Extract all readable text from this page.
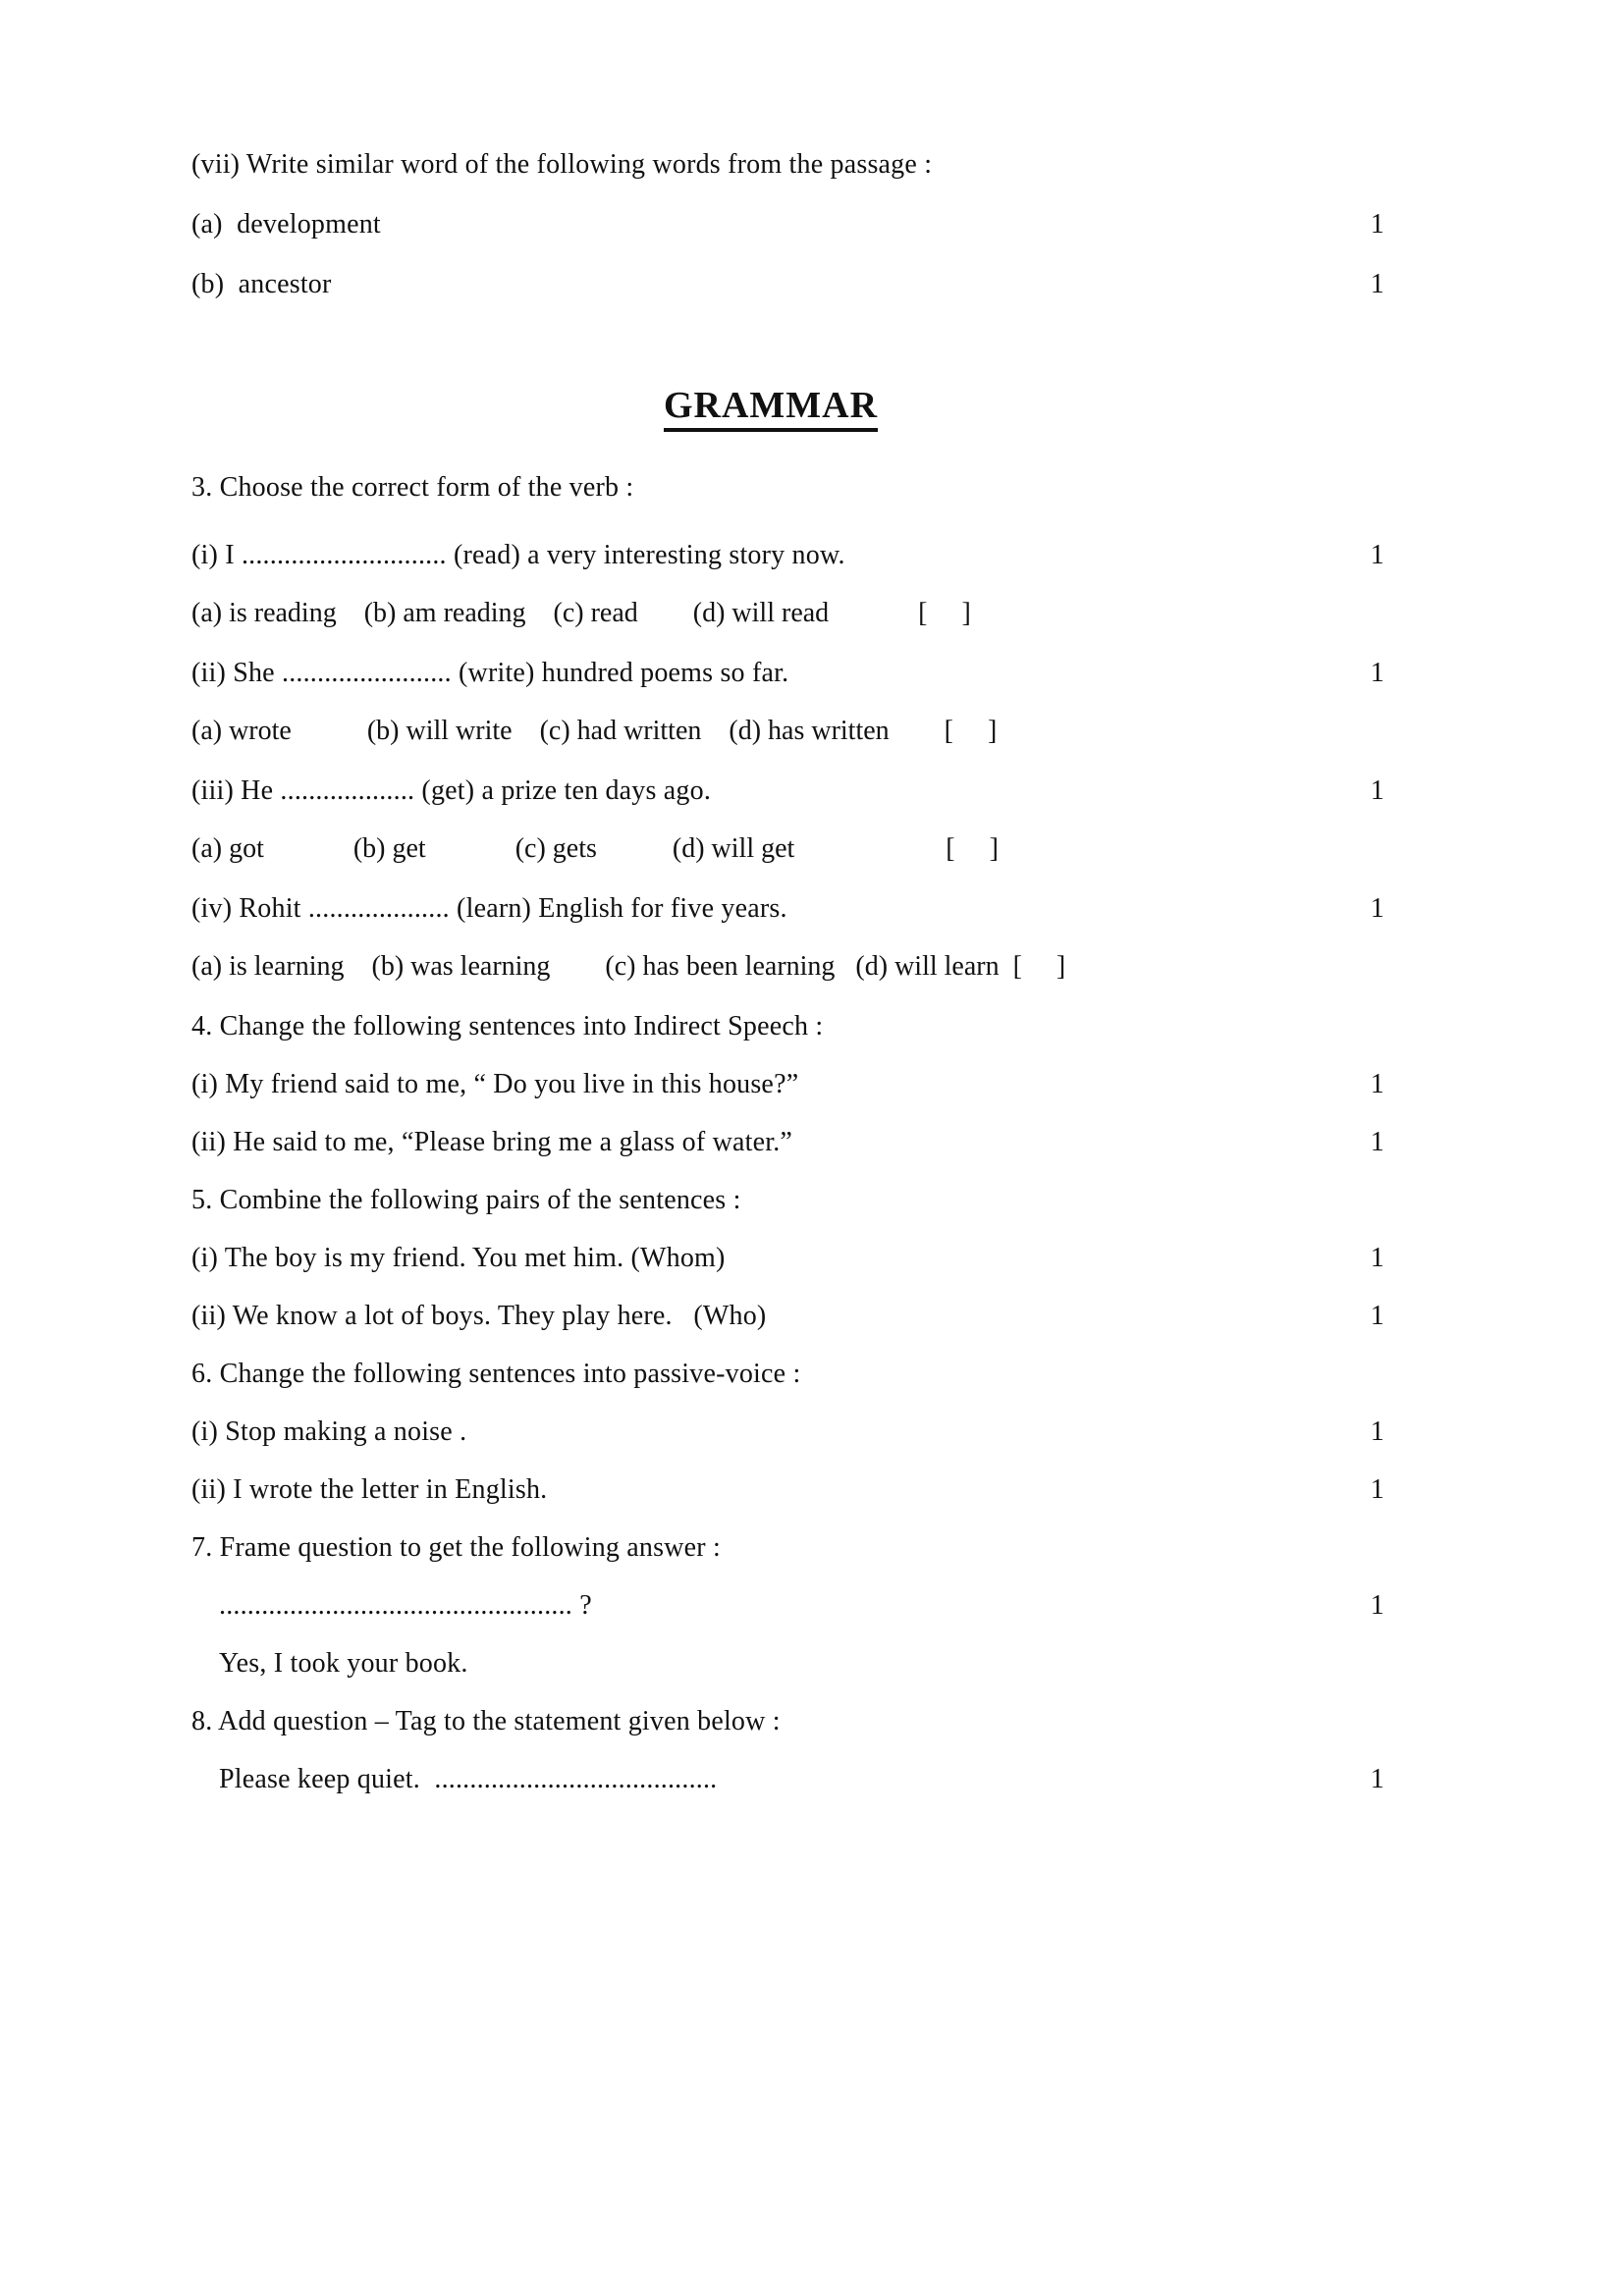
(vii) Write similar word of the following words from the passage :
(a)  development	1
(b)  ancestor	1
GRAMMAR
3. Choose the correct form of the verb :
(i) I ............................. (read) a very interesting story now.	1
(a) is reading    (b) am reading    (c) read        (d) will read             [     ]
(ii) She ........................ (write) hundred poems so far.	1
(a) wrote           (b) will write    (c) had written    (d) has written        [     ]
(iii) He ................... (get) a prize ten days ago.	1
(a) got             (b) get             (c) gets           (d) will get                      [     ]
(iv) Rohit .................... (learn) English for five years.	1
(a) is learning    (b) was learning        (c) has been learning   (d) will learn  [     ]
4. Change the following sentences into Indirect Speech :
(i) My friend said to me, “ Do you live in this house?”	1
(ii) He said to me, “Please bring me a glass of water.”	1
5. Combine the following pairs of the sentences :
(i) The boy is my friend. You met him. (Whom)	1
(ii) We know a lot of boys. They play here.   (Who)	1
6. Change the following sentences into passive-voice :
(i) Stop making a noise .	1
(ii) I wrote the letter in English.	1
7. Frame question to get the following answer :
.................................................. ?	1
Yes, I took your book.
8. Add question – Tag to the statement given below :
Please keep quiet.  ........................................	1
